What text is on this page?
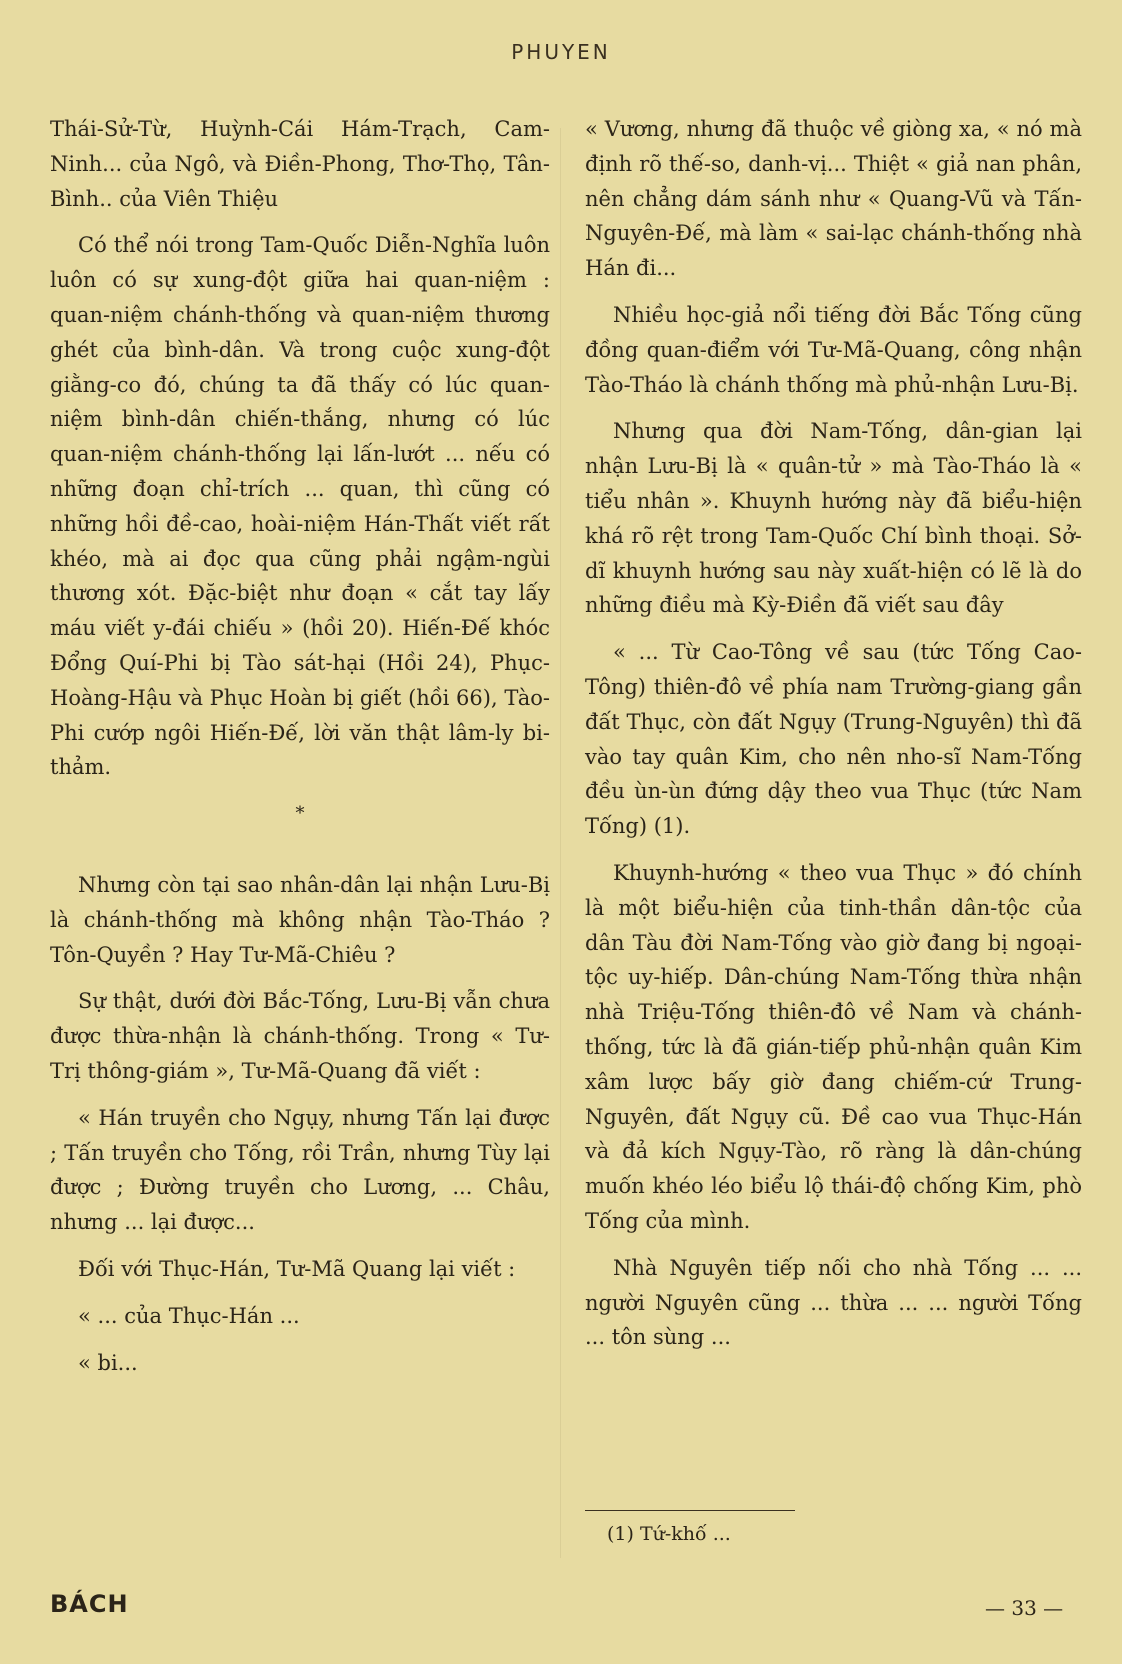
PHUYEN

Thái-Sử-Từ, Huỳnh-Cái Hám-Trạch, Cam-Ninh... của Ngô, và Điền-Phong, Thơ-Thọ, Tân-Bình.. của Viên Thiệu

Có thể nói trong Tam-Quốc Diễn-Nghĩa luôn luôn có sự xung-đột giữa hai quan-niệm : quan-niệm chánh-thống và quan-niệm thương ghét của bình-dân. Và trong cuộc xung-đột giằng-co đó, chúng ta đã thấy có lúc quan-niệm bình-dân chiến-thắng, nhưng có lúc quan-niệm chánh-thống lại lấn-lướt ... nếu có những đoạn chỉ-trích ... quan, thì cũng có những hồi đề-cao, hoài-niệm Hán-Thất viết rất khéo, mà ai đọc qua cũng phải ngậm-ngùi thương xót. Đặc-biệt như đoạn « cắt tay lấy máu viết y-đái chiếu » (hồi 20). Hiến-Đế khóc Đổng Quí-Phi bị Tào sát-hại (Hồi 24), Phục-Hoàng-Hậu và Phục Hoàn bị giết (hồi 66), Tào-Phi cướp ngôi Hiến-Đế, lời văn thật lâm-ly bi-thảm.

*

Nhưng còn tại sao nhân-dân lại nhận Lưu-Bị là chánh-thống mà không nhận Tào-Tháo ? Tôn-Quyền ? Hay Tư-Mã-Chiêu ?

Sự thật, dưới đời Bắc-Tống, Lưu-Bị vẫn chưa được thừa-nhận là chánh-thống. Trong « Tư-Trị thông-giám », Tư-Mã-Quang đã viết :

« Hán truyền cho Ngụy, nhưng Tấn lại được ; Tấn truyền cho Tống, rồi Trần, nhưng Tùy lại được ; Đường truyền cho Lương, ... Châu, nhưng ... lại được...

Đối với Thục-Hán, Tư-Mã Quang lại viết :

« ... của Thục-Hán ...

« bi...

« Vương, nhưng đã thuộc về giòng xa, « nó mà định rõ thế-so, danh-vị... Thiệt « giả nan phân, nên chẳng dám sánh như « Quang-Vũ và Tấn-Nguyên-Đế, mà làm « sai-lạc chánh-thống nhà Hán đi...

Nhiều học-giả nổi tiếng đời Bắc Tống cũng đồng quan-điểm với Tư-Mã-Quang, công nhận Tào-Tháo là chánh thống mà phủ-nhận Lưu-Bị.

Nhưng qua đời Nam-Tống, dân-gian lại nhận Lưu-Bị là « quân-tử » mà Tào-Tháo là « tiểu nhân ». Khuynh hướng này đã biểu-hiện khá rõ rệt trong Tam-Quốc Chí bình thoại. Sở-dĩ khuynh hướng sau này xuất-hiện có lẽ là do những điều mà Kỳ-Điền đã viết sau đây

« ... Từ Cao-Tông về sau (tức Tống Cao-Tông) thiên-đô về phía nam Trường-giang gần đất Thục, còn đất Ngụy (Trung-Nguyên) thì đã vào tay quân Kim, cho nên nho-sĩ Nam-Tống đều ùn-ùn đứng dậy theo vua Thục (tức Nam Tống) (1).

Khuynh-hướng « theo vua Thục » đó chính là một biểu-hiện của tinh-thần dân-tộc của dân Tàu đời Nam-Tống vào giờ đang bị ngoại-tộc uy-hiếp. Dân-chúng Nam-Tống thừa nhận nhà Triệu-Tống thiên-đô về Nam và chánh-thống, tức là đã gián-tiếp phủ-nhận quân Kim xâm lược bấy giờ đang chiếm-cứ Trung-Nguyên, đất Ngụy cũ. Đề cao vua Thục-Hán và đả kích Ngụy-Tào, rõ ràng là dân-chúng muốn khéo léo biểu lộ thái-độ chống Kim, phò Tống của mình.

Nhà Nguyên tiếp nối cho nhà Tống ... ... người Nguyên cũng ... thừa ... ... người Tống ... tôn sùng ...

(1) Tứ-khố ...
BÁCH	— 33 —
